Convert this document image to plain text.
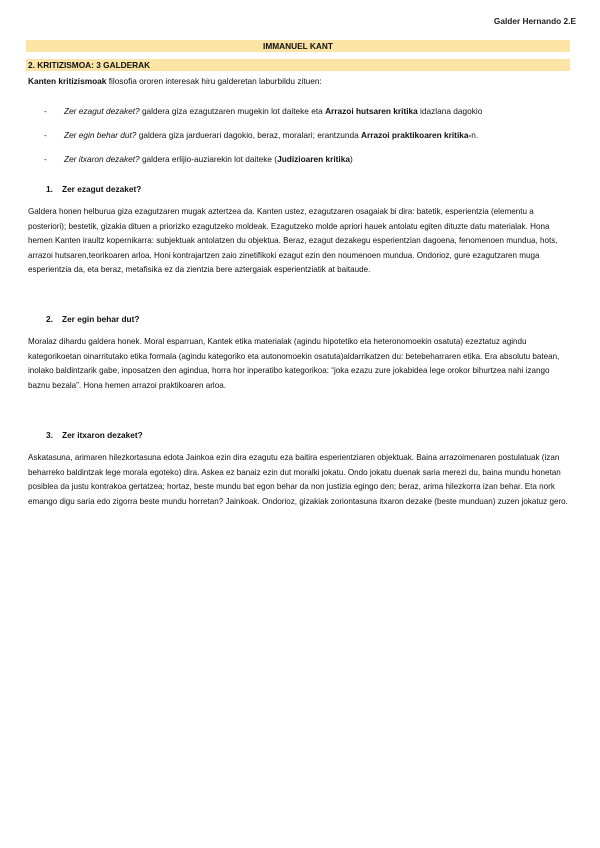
Galder Hernando 2.E
IMMANUEL KANT
2. KRITIZISMOA: 3 GALDERAK
Kanten kritizismoak filosofia ororen interesak hiru galderetan laburbildu zituen:
- Zer ezagut dezaket? galdera giza ezagutzaren mugekin lot daiteke eta Arrazoi hutsaren kritika idazlana dagokio
- Zer egin behar dut? galdera giza jarduerari dagokio, beraz, moralari; erantzunda Arrazoi praktikoaren kritika-n.
- Zer itxaron dezaket? galdera erlijio-auziarekin lot daiteke (Judizioaren kritika)
1. Zer ezagut dezaket?
Galdera honen helburua giza ezagutzaren mugak aztertzea da. Kanten ustez, ezagutzaren osagaiak bi dira: batetik, esperientzia (elementu a posteriori); bestetik, gizakia dituen a priorizko ezagutzeko moldeak. Ezagutzeko molde apriori hauek antolatu egiten dituzte datu materialak. Hona hemen Kanten iraultz kopernikarra: subjektuak antolatzen du objektua. Beraz, ezagut dezakegu esperientzian dagoena, fenomenoen mundua, hots, arrazoi hutsaren,teorikoaren arloa. Honi kontrajartzen zaio zinetifikoki ezagut ezin den noumenoen mundua. Ondorioz, gure ezagutzaren muga esperientzia da, eta beraz, metafisika ez da zientzia bere aztergaiak esperientziatik at baitaude.
2. Zer egin behar dut?
Moralaz dihardu galdera honek. Moral esparruan, Kantek etika materialak (agindu hipotetiko eta heteronomoekin osatuta) ezeztatuz agindu kategorikoetan oinarritutako etika formala (agindu kategoriko eta autonomoekin osatuta)aldarrikatzen du: betebeharraren etika. Era absolutu batean, inolako baldintzarik gabe, inposatzen den agindua, horra hor inperatibo kategorikoa: “joka ezazu zure jokabidea lege orokor bihurtzea nahi izango baznu bezala”. Hona hemen arrazoi praktikoaren arloa.
3. Zer itxaron dezaket?
Askatasuna, arimaren hilezkortasuna edota Jainkoa ezin dira ezagutu eza baitira esperientziaren objektuak. Baina arrazoimenaren postulatuak (izan beharreko baldintzak lege morala egoteko) dira. Askea ez banaiz ezin dut moralki jokatu. Ondo jokatu duenak saria merezi du, baina mundu honetan posiblea da justu kontrakoa gertatzea; hortaz, beste mundu bat egon behar da non justizia egingo den; beraz, arima hilezkorra izan behar. Eta nork emango digu saria edo zigorra beste mundu horretan? Jainkoak. Ondorioz, gizakiak zoriontasuna itxaron dezake (beste munduan) zuzen jokatuz gero.
